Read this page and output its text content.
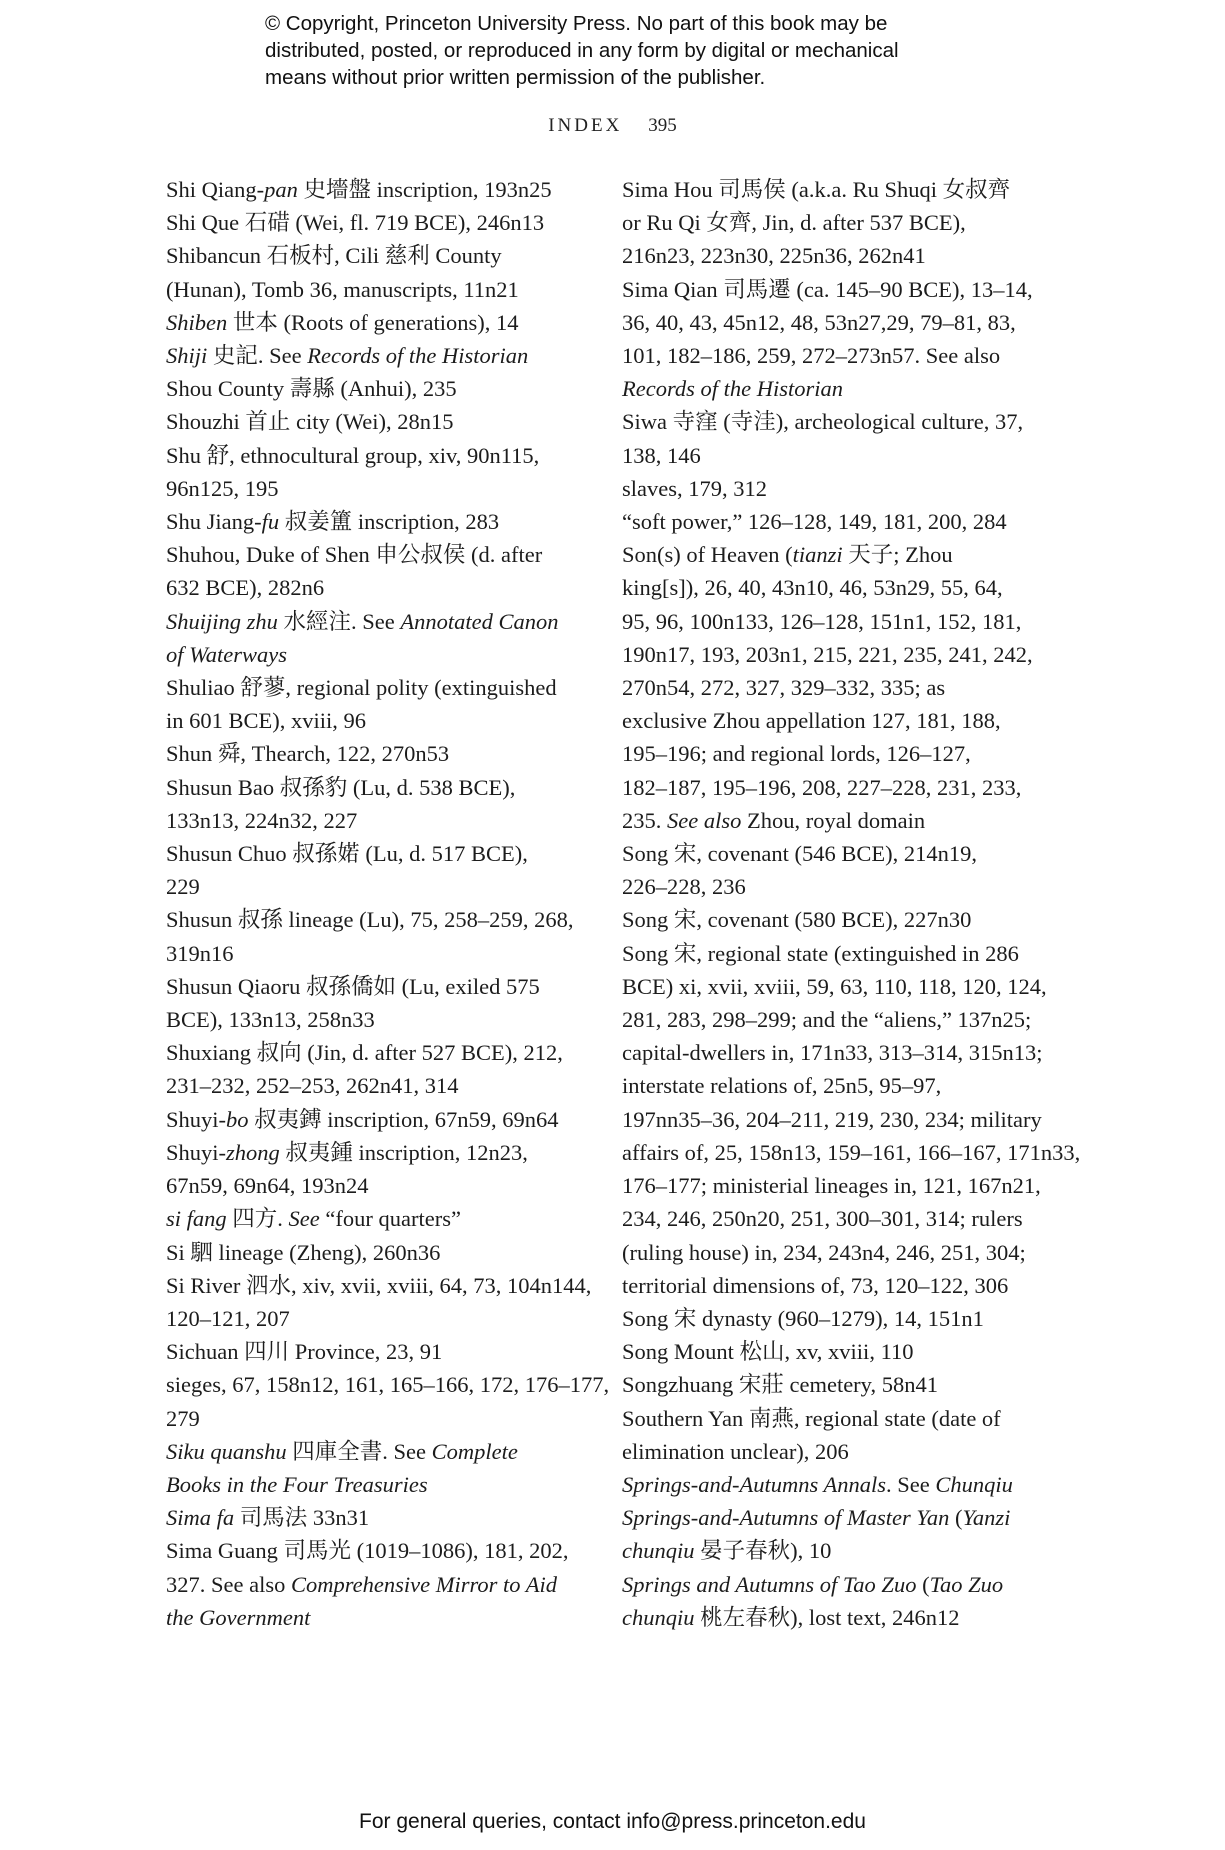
© Copyright, Princeton University Press. No part of this book may be
distributed, posted, or reproduced in any form by digital or mechanical
means without prior written permission of the publisher.
INDEX 395
Shi Qiang-pan 史墻盤 inscription, 193n25
Shi Que 石碏 (Wei, fl. 719 BCE), 246n13
Shibancun 石板村, Cili 慈利 County
(Hunan), Tomb 36, manuscripts, 11n21
Shiben 世本 (Roots of generations), 14
Shiji 史記. See Records of the Historian
Shou County 壽縣 (Anhui), 235
Shouzhi 首止 city (Wei), 28n15
Shu 舒, ethnocultural group, xiv, 90n115,
96n125, 195
Shu Jiang-fu 叔姜簠 inscription, 283
Shuhou, Duke of Shen 申公叔侯 (d. after
632 BCE), 282n6
Shuijing zhu 水經注. See Annotated Canon
of Waterways
Shuliao 舒蓼, regional polity (extinguished
in 601 BCE), xviii, 96
Shun 舜, Thearch, 122, 270n53
Shusun Bao 叔孫豹 (Lu, d. 538 BCE),
133n13, 224n32, 227
Shusun Chuo 叔孫婼 (Lu, d. 517 BCE),
229
Shusun 叔孫 lineage (Lu), 75, 258–259, 268,
319n16
Shusun Qiaoru 叔孫僑如 (Lu, exiled 575
BCE), 133n13, 258n33
Shuxiang 叔向 (Jin, d. after 527 BCE), 212,
231–232, 252–253, 262n41, 314
Shuyi-bo 叔夷鎛 inscription, 67n59, 69n64
Shuyi-zhong 叔夷鍾 inscription, 12n23,
67n59, 69n64, 193n24
si fang 四方. See “four quarters”
Si 駟 lineage (Zheng), 260n36
Si River 泗水, xiv, xvii, xviii, 64, 73, 104n144,
120–121, 207
Sichuan 四川 Province, 23, 91
sieges, 67, 158n12, 161, 165–166, 172, 176–177,
279
Siku quanshu 四庫全書. See Complete
Books in the Four Treasuries
Sima fa 司馬法 33n31
Sima Guang 司馬光 (1019–1086), 181, 202,
327. See also Comprehensive Mirror to Aid
the Government
Sima Hou 司馬侯 (a.k.a. Ru Shuqi 女叔齊
or Ru Qi 女齊, Jin, d. after 537 BCE),
216n23, 223n30, 225n36, 262n41
Sima Qian 司馬遷 (ca. 145–90 BCE), 13–14,
36, 40, 43, 45n12, 48, 53n27,29, 79–81, 83,
101, 182–186, 259, 272–273n57. See also
Records of the Historian
Siwa 寺窪 (寺洼), archeological culture, 37,
138, 146
slaves, 179, 312
“soft power,” 126–128, 149, 181, 200, 284
Son(s) of Heaven (tianzi 天子; Zhou
king[s]), 26, 40, 43n10, 46, 53n29, 55, 64,
95, 96, 100n133, 126–128, 151n1, 152, 181,
190n17, 193, 203n1, 215, 221, 235, 241, 242,
270n54, 272, 327, 329–332, 335; as
exclusive Zhou appellation 127, 181, 188,
195–196; and regional lords, 126–127,
182–187, 195–196, 208, 227–228, 231, 233,
235. See also Zhou, royal domain
Song 宋, covenant (546 BCE), 214n19,
226–228, 236
Song 宋, covenant (580 BCE), 227n30
Song 宋, regional state (extinguished in 286
BCE) xi, xvii, xviii, 59, 63, 110, 118, 120, 124,
281, 283, 298–299; and the “aliens,” 137n25;
capital-dwellers in, 171n33, 313–314, 315n13;
interstate relations of, 25n5, 95–97,
197nn35–36, 204–211, 219, 230, 234; military
affairs of, 25, 158n13, 159–161, 166–167, 171n33,
176–177; ministerial lineages in, 121, 167n21,
234, 246, 250n20, 251, 300–301, 314; rulers
(ruling house) in, 234, 243n4, 246, 251, 304;
territorial dimensions of, 73, 120–122, 306
Song 宋 dynasty (960–1279), 14, 151n1
Song Mount 松山, xv, xviii, 110
Songzhuang 宋莊 cemetery, 58n41
Southern Yan 南燕, regional state (date of
elimination unclear), 206
Springs-and-Autumns Annals. See Chunqiu
Springs-and-Autumns of Master Yan (Yanzi
chunqiu 晏子春秋), 10
Springs and Autumns of Tao Zuo (Tao Zuo
chunqiu 桃左春秋), lost text, 246n12
For general queries, contact info@press.princeton.edu
